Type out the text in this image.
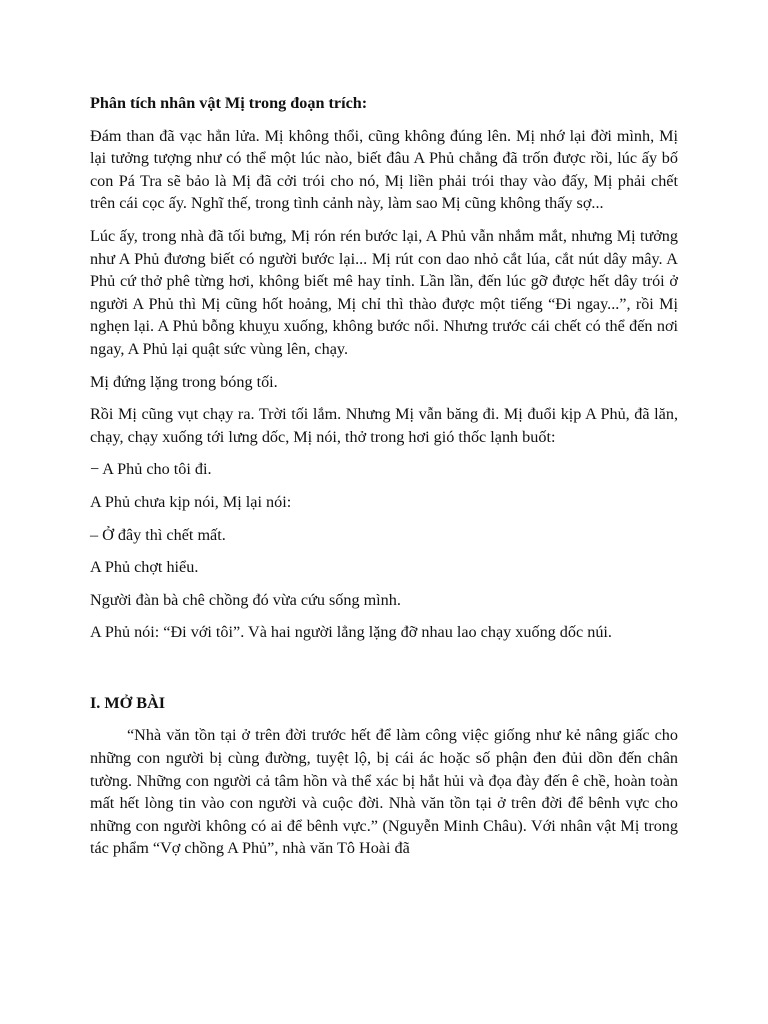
Phân tích nhân vật Mị trong đoạn trích:

Đám than đã vạc hẳn lửa. Mị không thổi, cũng không đúng lên. Mị nhớ lại đời mình, Mị lại tưởng tượng như có thể một lúc nào, biết đâu A Phủ chẳng đã trốn được rồi, lúc ấy bố con Pá Tra sẽ bảo là Mị đã cởi trói cho nó, Mị liền phải trói thay vào đấy, Mị phải chết trên cái cọc ấy. Nghĩ thế, trong tình cảnh này, làm sao Mị cũng không thấy sợ...

Lúc ấy, trong nhà đã tối bưng, Mị rón rén bước lại, A Phủ vẫn nhắm mắt, nhưng Mị tưởng như A Phủ đương biết có người bước lại... Mị rút con dao nhỏ cắt lúa, cắt nút dây mây. A Phủ cứ thở phê từng hơi, không biết mê hay tỉnh. Lần lần, đến lúc gỡ được hết dây trói ở người A Phủ thì Mị cũng hốt hoảng, Mị chỉ thì thào được một tiếng “Đi ngay...”, rồi Mị nghẹn lại. A Phủ bỗng khuỵu xuống, không bước nổi. Nhưng trước cái chết có thể đến nơi ngay, A Phủ lại quật sức vùng lên, chạy.

Mị đứng lặng trong bóng tối.

Rồi Mị cũng vụt chạy ra. Trời tối lắm. Nhưng Mị vẫn băng đi. Mị đuổi kịp A Phủ, đã lăn, chạy, chạy xuống tới lưng dốc, Mị nói, thở trong hơi gió thốc lạnh buốt:

− A Phủ cho tôi đi.

A Phủ chưa kịp nói, Mị lại nói:

– Ở đây thì chết mất.

A Phủ chợt hiểu.

Người đàn bà chê chồng đó vừa cứu sống mình.

A Phủ nói: “Đi với tôi”. Và hai người lẳng lặng đỡ nhau lao chạy xuống dốc núi.

I. MỞ BÀI

“Nhà văn tồn tại ở trên đời trước hết để làm công việc giống như kẻ nâng giấc cho những con người bị cùng đường, tuyệt lộ, bị cái ác hoặc số phận đen đủi dồn đến chân tường. Những con người cả tâm hồn và thể xác bị hắt hủi và đọa đày đến ê chề, hoàn toàn mất hết lòng tin vào con người và cuộc đời. Nhà văn tồn tại ở trên đời để bênh vực cho những con người không có ai để bênh vực.” (Nguyễn Minh Châu). Với nhân vật Mị trong tác phẩm “Vợ chồng A Phủ”, nhà văn Tô Hoài đã
